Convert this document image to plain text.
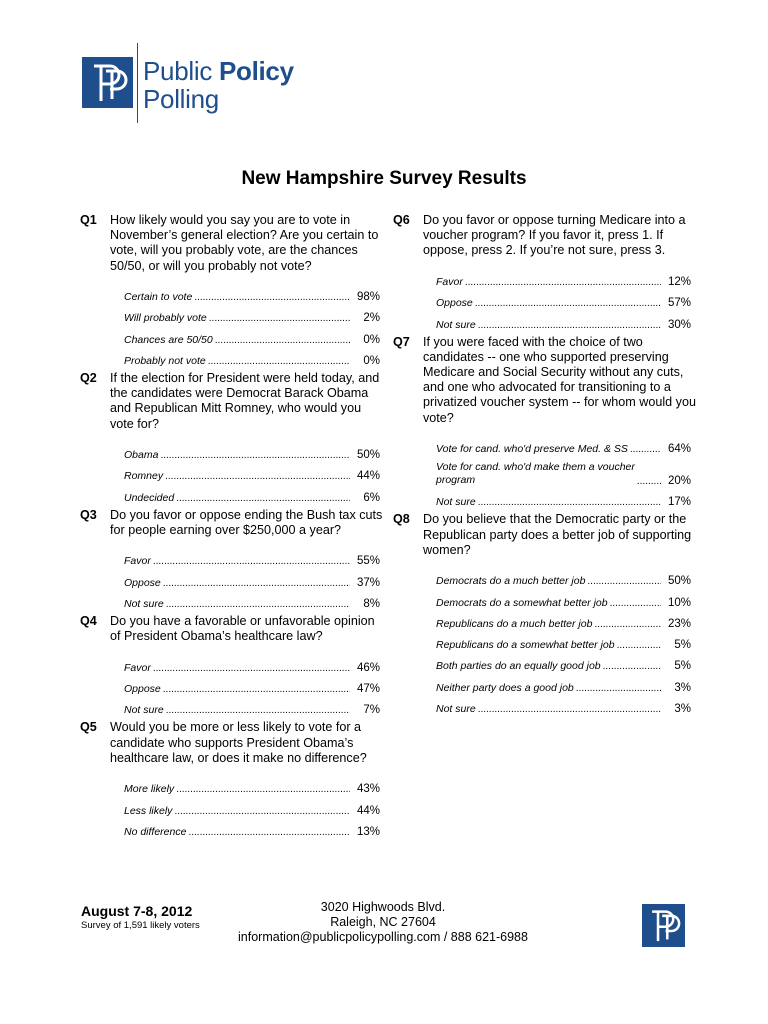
Public Policy
Polling
New Hampshire Survey Results
Q1	How likely would you say you are to vote in November’s general election? Are you certain to vote, will you probably vote, are the chances 50/50, or will you probably not vote?
Certain to vote .....	98%
Will probably vote .....	2%
Chances are 50/50 .....	0%
Probably not vote .....	0%
Q2	If the election for President were held today, and the candidates were Democrat Barack Obama and Republican Mitt Romney, who would you vote for?
Obama .....	50%
Romney .....	44%
Undecided .....	6%
Q3	Do you favor or oppose ending the Bush tax cuts for people earning over $250,000 a year?
Favor .....	55%
Oppose .....	37%
Not sure .....	8%
Q4	Do you have a favorable or unfavorable opinion of President Obama’s healthcare law?
Favor .....	46%
Oppose .....	47%
Not sure .....	7%
Q5	Would you be more or less likely to vote for a candidate who supports President Obama’s healthcare law, or does it make no difference?
More likely .....	43%
Less likely .....	44%
No difference .....	13%
Q6	Do you favor or oppose turning Medicare into a voucher program? If you favor it, press 1. If oppose, press 2. If you’re not sure, press 3.
Favor .....	12%
Oppose .....	57%
Not sure .....	30%
Q7	If you were faced with the choice of two candidates -- one who supported preserving Medicare and Social Security without any cuts, and one who advocated for transitioning to a privatized voucher system -- for whom would you vote?
Vote for cand. who'd preserve Med. & SS .....	64%
Vote for cand. who'd make them a voucher
program .....	20%
Not sure .....	17%
Q8	Do you believe that the Democratic party or the Republican party does a better job of supporting women?
Democrats do a much better job .....	50%
Democrats do a somewhat better job .....	10%
Republicans do a much better job .....	23%
Republicans do a somewhat better job .....	5%
Both parties do an equally good job .....	5%
Neither party does a good job .....	3%
Not sure .....	3%
August 7-8, 2012
Survey of 1,591 likely voters
3020 Highwoods Blvd.
Raleigh, NC 27604
information@publicpolicypolling.com / 888 621-6988
